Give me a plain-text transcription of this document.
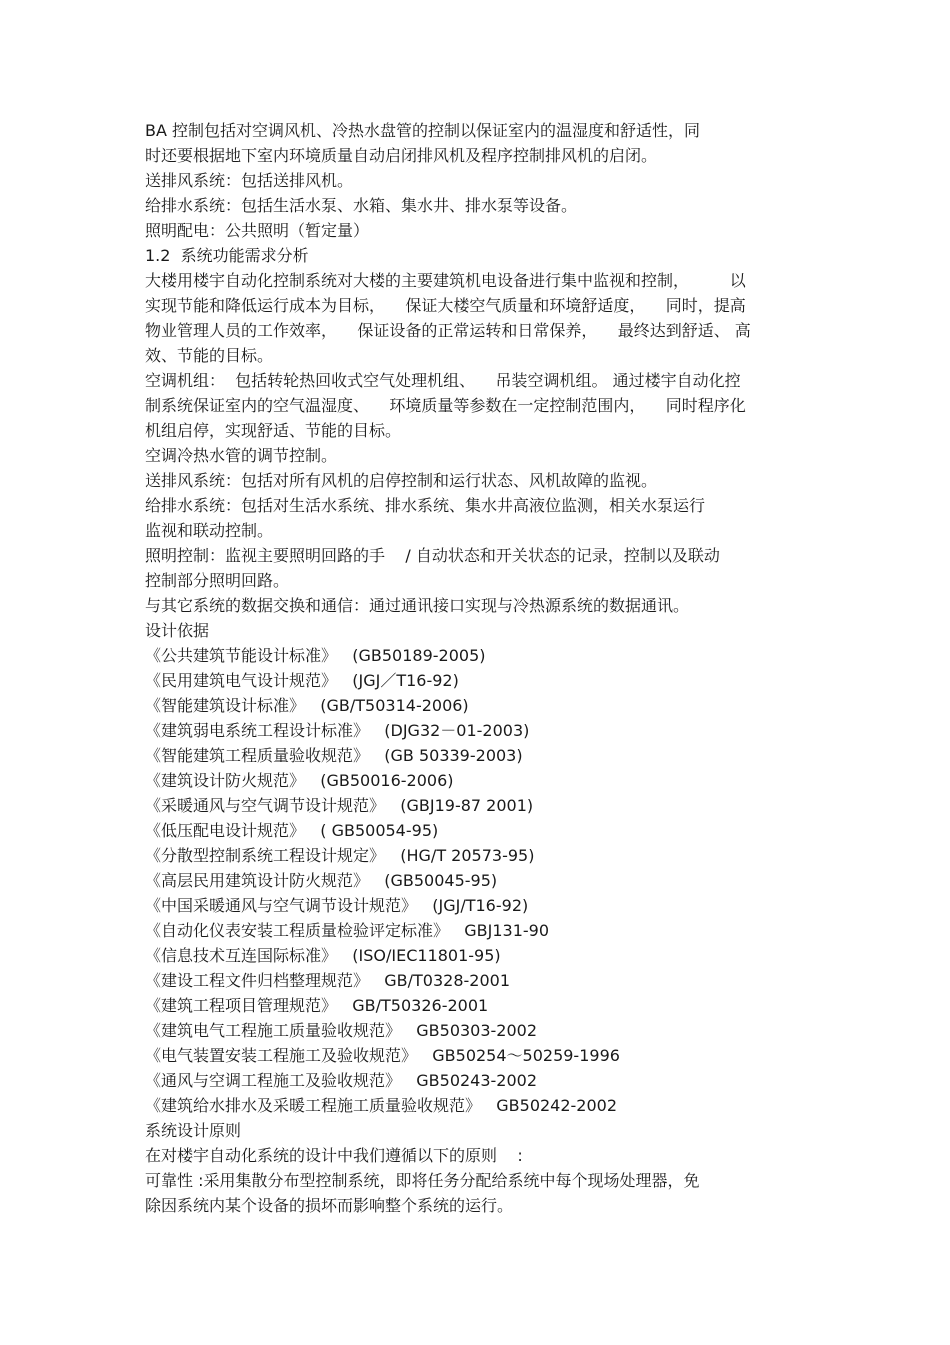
BA 控制包括对空调风机、冷热水盘管的控制以保证室内的温湿度和舒适性，同
时还要根据地下室内环境质量自动启闭排风机及程序控制排风机的启闭。
送排风系统：包括送排风机。
给排水系统：包括生活水泵、水箱、集水井、排水泵等设备。
照明配电：公共照明（暂定量）
1.2  系统功能需求分析
大楼用楼宇自动化控制系统对大楼的主要建筑机电设备进行集中监视和控制，        以
实现节能和降低运行成本为目标，    保证大楼空气质量和环境舒适度，    同时，提高
物业管理人员的工作效率，    保证设备的正常运转和日常保养，    最终达到舒适、 高
效、节能的目标。
空调机组：  包括转轮热回收式空气处理机组、    吊装空调机组。 通过楼宇自动化控
制系统保证室内的空气温湿度、    环境质量等参数在一定控制范围内，    同时程序化
机组启停，实现舒适、节能的目标。
空调冷热水管的调节控制。
送排风系统：包括对所有风机的启停控制和运行状态、风机故障的监视。
给排水系统：包括对生活水系统、排水系统、集水井高液位监测，相关水泵运行
监视和联动控制。
照明控制：监视主要照明回路的手    / 自动状态和开关状态的记录，控制以及联动
控制部分照明回路。
与其它系统的数据交换和通信：通过通讯接口实现与冷热源系统的数据通讯。
设计依据
《公共建筑节能设计标准》   (GB50189-2005)
《民用建筑电气设计规范》   (JGJ／T16-92)
《智能建筑设计标准》   (GB/T50314-2006)
《建筑弱电系统工程设计标准》   (DJG32－01-2003)
《智能建筑工程质量验收规范》   (GB 50339-2003)
《建筑设计防火规范》   (GB50016-2006)
《采暖通风与空气调节设计规范》   (GBJ19-87 2001)
《低压配电设计规范》   ( GB50054-95)
《分散型控制系统工程设计规定》   (HG/T 20573-95)
《高层民用建筑设计防火规范》   (GB50045-95)
《中国采暖通风与空气调节设计规范》   (JGJ/T16-92)
《自动化仪表安装工程质量检验评定标准》   GBJ131-90
《信息技术互连国际标准》   (ISO/IEC11801-95)
《建设工程文件归档整理规范》   GB/T0328-2001
《建筑工程项目管理规范》   GB/T50326-2001
《建筑电气工程施工质量验收规范》   GB50303-2002
《电气装置安装工程施工及验收规范》   GB50254～50259-1996
《通风与空调工程施工及验收规范》   GB50243-2002
《建筑给水排水及采暖工程施工质量验收规范》   GB50242-2002
系统设计原则
在对楼宇自动化系统的设计中我们遵循以下的原则    :
可靠性 :采用集散分布型控制系统，即将任务分配给系统中每个现场处理器，免
除因系统内某个设备的损坏而影响整个系统的运行。
